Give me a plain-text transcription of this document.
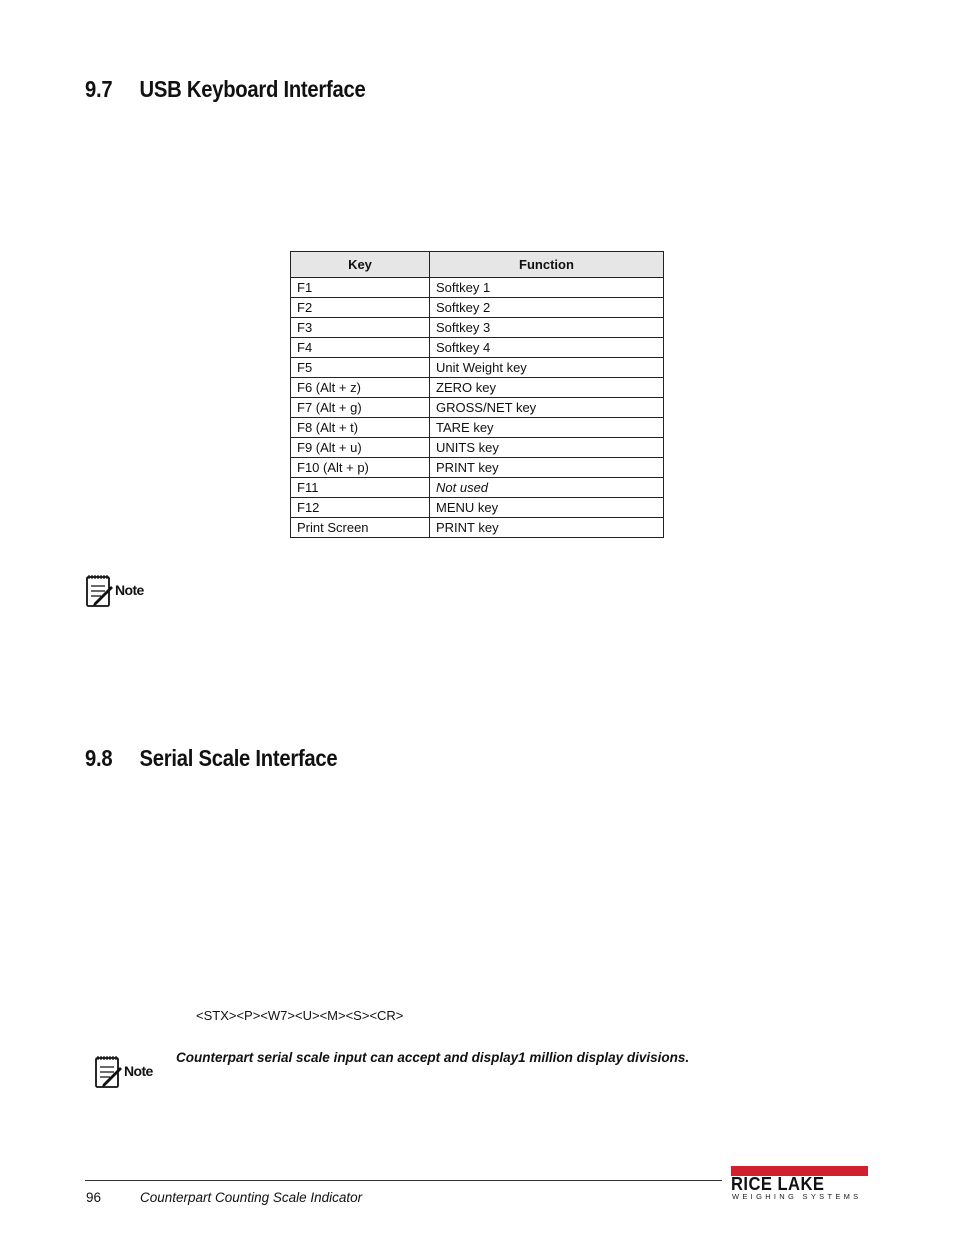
9.7 USB Keyboard Interface
Key	Function
F1	Softkey 1
F2	Softkey 2
F3	Softkey 3
F4	Softkey 4
F5	Unit Weight key
F6 (Alt + z)	ZERO key
F7 (Alt + g)	GROSS/NET key
F8 (Alt + t)	TARE key
F9 (Alt + u)	UNITS key
F10 (Alt + p)	PRINT key
F11	Not used
F12	MENU key
Print Screen	PRINT key
Note
9.8 Serial Scale Interface
<STX><P><W7><U><M><S><CR>
Note
Counterpart serial scale input can accept and display1 million display divisions.
96	Counterpart Counting Scale Indicator
RICE LAKE
WEIGHING SYSTEMS
